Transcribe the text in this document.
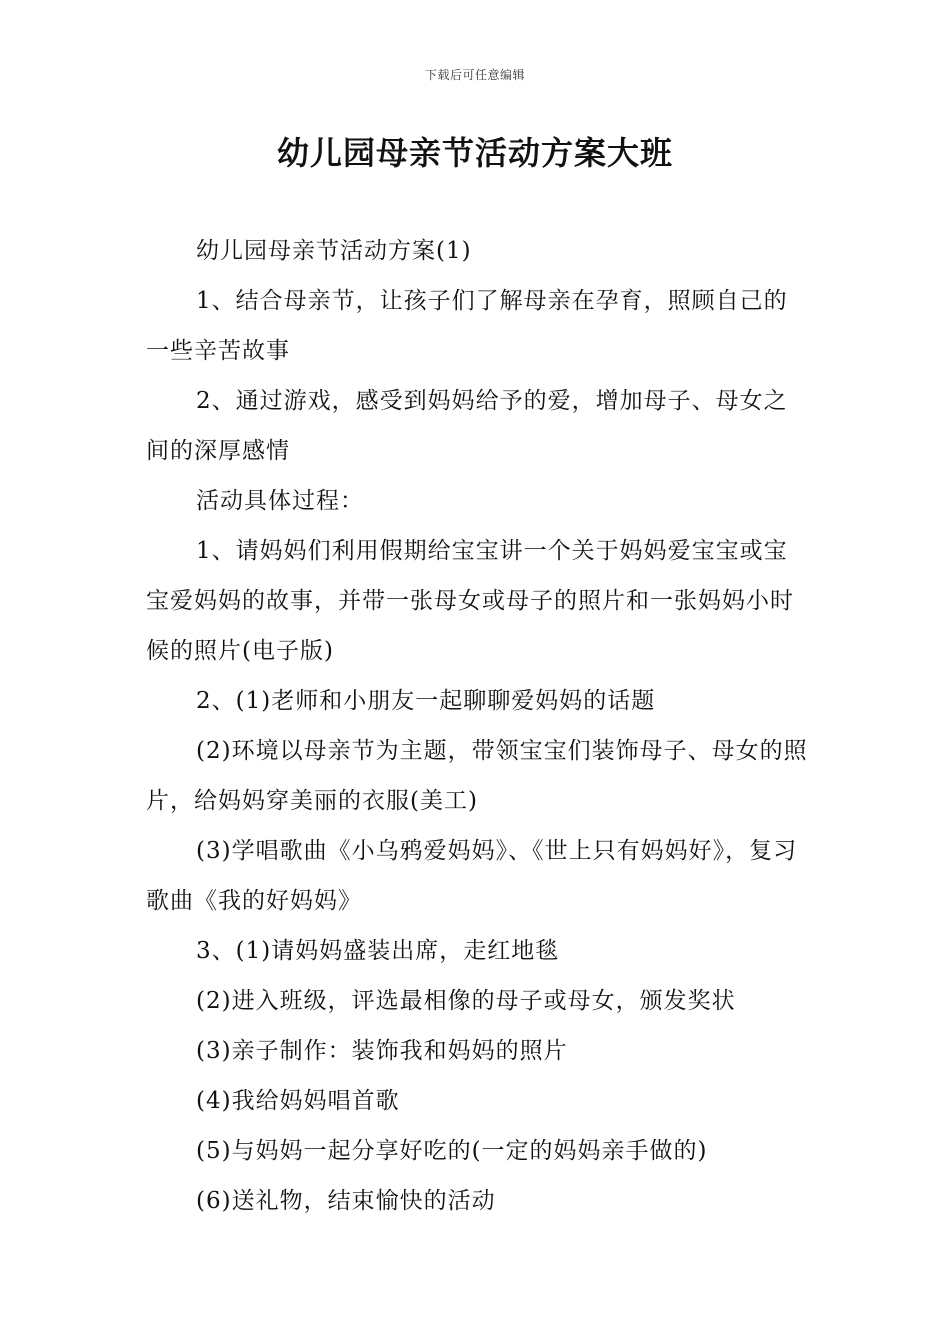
下载后可任意编辑
幼儿园母亲节活动方案大班

幼儿园母亲节活动方案(1)

1、结合母亲节，让孩子们了解母亲在孕育，照顾自己的一些辛苦故事

2、通过游戏，感受到妈妈给予的爱，增加母子、母女之间的深厚感情

活动具体过程：

1、请妈妈们利用假期给宝宝讲一个关于妈妈爱宝宝或宝宝爱妈妈的故事，并带一张母女或母子的照片和一张妈妈小时候的照片(电子版)

2、(1)老师和小朋友一起聊聊爱妈妈的话题

(2)环境以母亲节为主题，带领宝宝们装饰母子、母女的照片，给妈妈穿美丽的衣服(美工)

(3)学唱歌曲《小乌鸦爱妈妈》、《世上只有妈妈好》，复习歌曲《我的好妈妈》

3、(1)请妈妈盛装出席，走红地毯

(2)进入班级，评选最相像的母子或母女，颁发奖状

(3)亲子制作：装饰我和妈妈的照片

(4)我给妈妈唱首歌

(5)与妈妈一起分享好吃的(一定的妈妈亲手做的)

(6)送礼物，结束愉快的活动
